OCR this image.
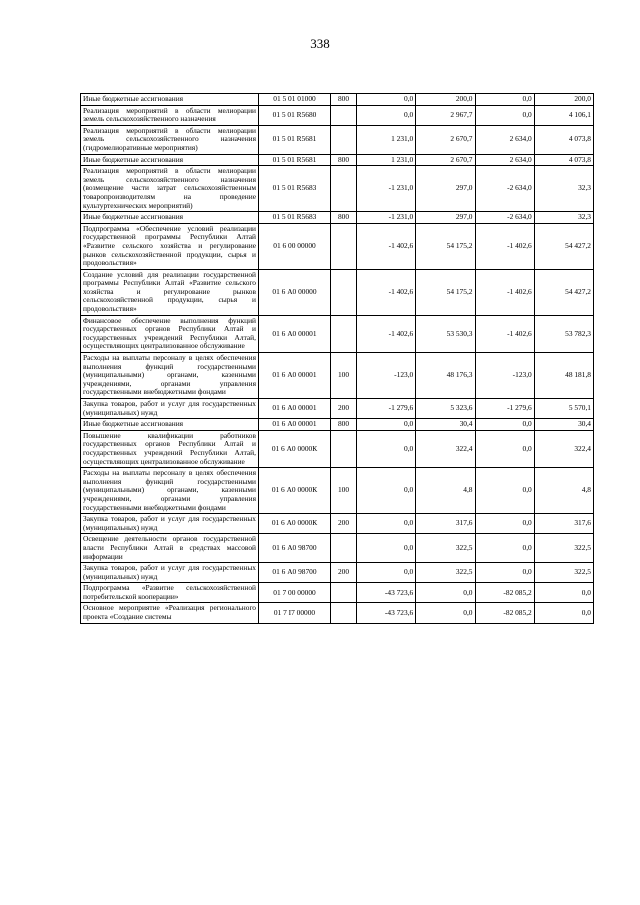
338
Иные бюджетные ассигнования	01 5 01 01000	800	0,0	200,0	0,0	200,0
Реализация мероприятий в области мелиорации земель сельскохозяйственного назначения	01 5 01 R5680		0,0	2 967,7	0,0	4 106,1
Реализация мероприятий в области мелиорации земель сельскохозяйственного назначения (гидромелиоративные мероприятия)	01 5 01 R5681		1 231,0	2 670,7	2 634,0	4 073,8
Иные бюджетные ассигнования	01 5 01 R5681	800	1 231,0	2 670,7	2 634,0	4 073,8
Реализация мероприятий в области мелиорации земель сельскохозяйственного назначения (возмещение части затрат сельскохозяйственным товаропроизводителям на проведение культуртехнических мероприятий)	01 5 01 R5683		-1 231,0	297,0	-2 634,0	32,3
Иные бюджетные ассигнования	01 5 01 R5683	800	-1 231,0	297,0	-2 634,0	32,3
Подпрограмма «Обеспечение условий реализации государственной программы Республики Алтай «Развитие сельского хозяйства и регулирование рынков сельскохозяйственной продукции, сырья и продовольствия»	01 6 00 00000		-1 402,6	54 175,2	-1 402,6	54 427,2
Создание условий для реализации государственной программы Республики Алтай «Развитие сельского хозяйства и регулирование рынков сельскохозяйственной продукции, сырья и продовольствия»	01 6 А0 00000		-1 402,6	54 175,2	-1 402,6	54 427,2
Финансовое обеспечение выполнения функций государственных органов Республики Алтай и государственных учреждений Республики Алтай, осуществляющих централизованное обслуживание	01 6 А0 00001		-1 402,6	53 530,3	-1 402,6	53 782,3
Расходы на выплаты персоналу в целях обеспечения выполнения функций государственными (муниципальными) органами, казенными учреждениями, органами управления государственными внебюджетными фондами	01 6 А0 00001	100	-123,0	48 176,3	-123,0	48 181,8
Закупка товаров, работ и услуг для государственных (муниципальных) нужд	01 6 А0 00001	200	-1 279,6	5 323,6	-1 279,6	5 570,1
Иные бюджетные ассигнования	01 6 А0 00001	800	0,0	30,4	0,0	30,4
Повышение квалификации работников государственных органов Республики Алтай и государственных учреждений Республики Алтай, осуществляющих централизованное обслуживание	01 6 А0 0000К		0,0	322,4	0,0	322,4
Расходы на выплаты персоналу в целях обеспечения выполнения функций государственными (муниципальными) органами, казенными учреждениями, органами управления государственными внебюджетными фондами	01 6 А0 0000К	100	0,0	4,8	0,0	4,8
Закупка товаров, работ и услуг для государственных (муниципальных) нужд	01 6 А0 0000К	200	0,0	317,6	0,0	317,6
Освещение деятельности органов государственной власти Республики Алтай в средствах массовой информации	01 6 А0 98700		0,0	322,5	0,0	322,5
Закупка товаров, работ и услуг для государственных (муниципальных) нужд	01 6 А0 98700	200	0,0	322,5	0,0	322,5
Подпрограмма «Развитие сельскохозяйственной потребительской кооперации»	01 7 00 00000		-43 723,6	0,0	-82 085,2	0,0
Основное мероприятие «Реализация регионального проекта «Создание системы	01 7 I7 00000		-43 723,6	0,0	-82 085,2	0,0
